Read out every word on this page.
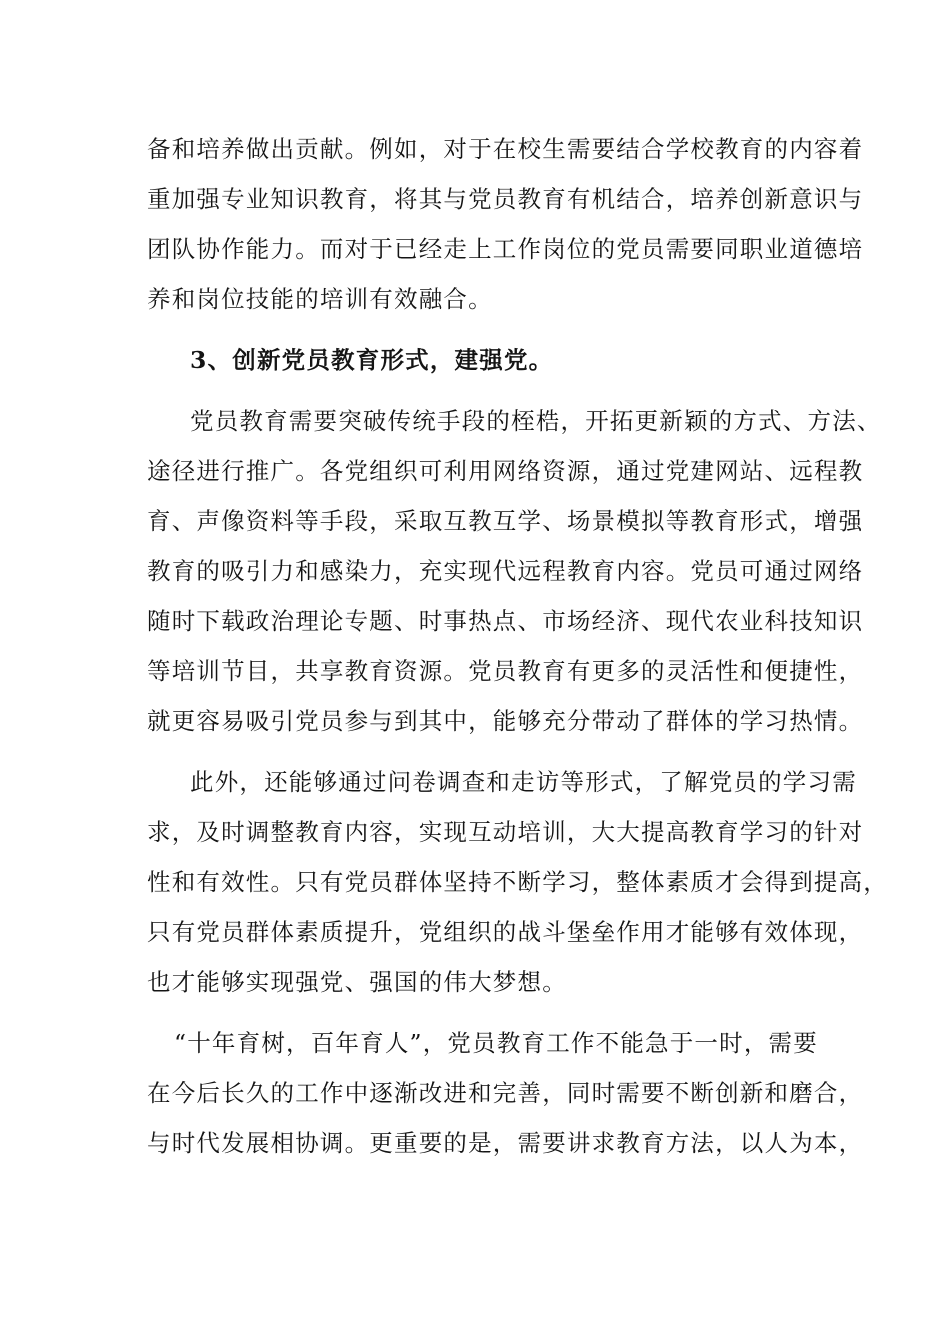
备和培养做出贡献。例如，对于在校生需要结合学校教育的内容着

重加强专业知识教育，将其与党员教育有机结合，培养创新意识与

团队协作能力。而对于已经走上工作岗位的党员需要同职业道德培

养和岗位技能的培训有效融合。

3、创新党员教育形式，建强党。

党员教育需要突破传统手段的桎梏，开拓更新颖的方式、方法、

途径进行推广。各党组织可利用网络资源，通过党建网站、远程教

育、声像资料等手段，采取互教互学、场景模拟等教育形式，增强

教育的吸引力和感染力，充实现代远程教育内容。党员可通过网络

随时下载政治理论专题、时事热点、市场经济、现代农业科技知识

等培训节目，共享教育资源。党员教育有更多的灵活性和便捷性，

就更容易吸引党员参与到其中，能够充分带动了群体的学习热情。

此外，还能够通过问卷调查和走访等形式，了解党员的学习需

求，及时调整教育内容，实现互动培训，大大提高教育学习的针对

性和有效性。只有党员群体坚持不断学习，整体素质才会得到提高，

只有党员群体素质提升，党组织的战斗堡垒作用才能够有效体现，

也才能够实现强党、强国的伟大梦想。

“十年育树，百年育人”，党员教育工作不能急于一时，需要

在今后长久的工作中逐渐改进和完善，同时需要不断创新和磨合，

与时代发展相协调。更重要的是，需要讲求教育方法，以人为本，
